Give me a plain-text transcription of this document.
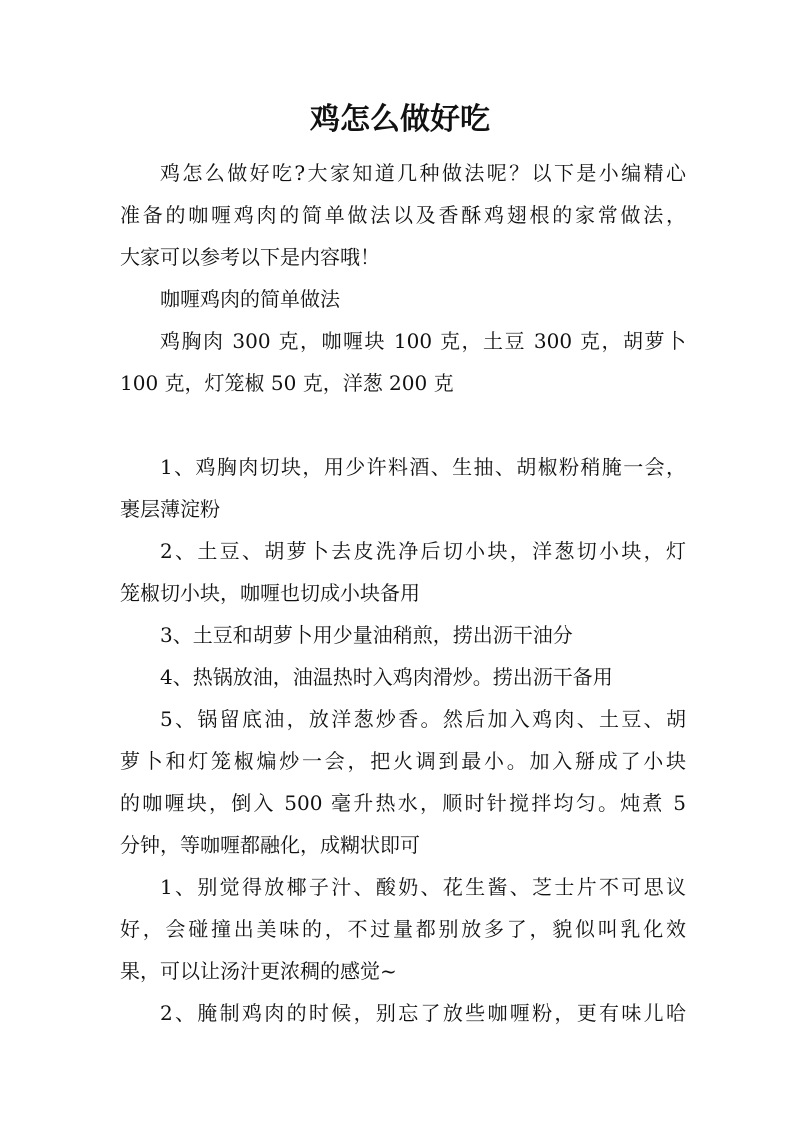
鸡怎么做好吃
鸡怎么做好吃?大家知道几种做法呢？以下是小编精心
准备的咖喱鸡肉的简单做法以及香酥鸡翅根的家常做法，
大家可以参考以下是内容哦！
咖喱鸡肉的简单做法
鸡胸肉 300 克，咖喱块 100 克，土豆 300 克，胡萝卜
100 克，灯笼椒 50 克，洋葱 200 克
1、鸡胸肉切块，用少许料酒、生抽、胡椒粉稍腌一会，
裹层薄淀粉
2、土豆、胡萝卜去皮洗净后切小块，洋葱切小块，灯
笼椒切小块，咖喱也切成小块备用
3、土豆和胡萝卜用少量油稍煎，捞出沥干油分
4、热锅放油，油温热时入鸡肉滑炒。捞出沥干备用
5、锅留底油，放洋葱炒香。然后加入鸡肉、土豆、胡
萝卜和灯笼椒煸炒一会，把火调到最小。加入掰成了小块
的咖喱块，倒入 500 毫升热水，顺时针搅拌均匀。炖煮 5
分钟，等咖喱都融化，成糊状即可
1、别觉得放椰子汁、酸奶、花生酱、芝士片不可思议
好，会碰撞出美味的，不过量都别放多了，貌似叫乳化效
果，可以让汤汁更浓稠的感觉~
2、腌制鸡肉的时候，别忘了放些咖喱粉，更有味儿哈
